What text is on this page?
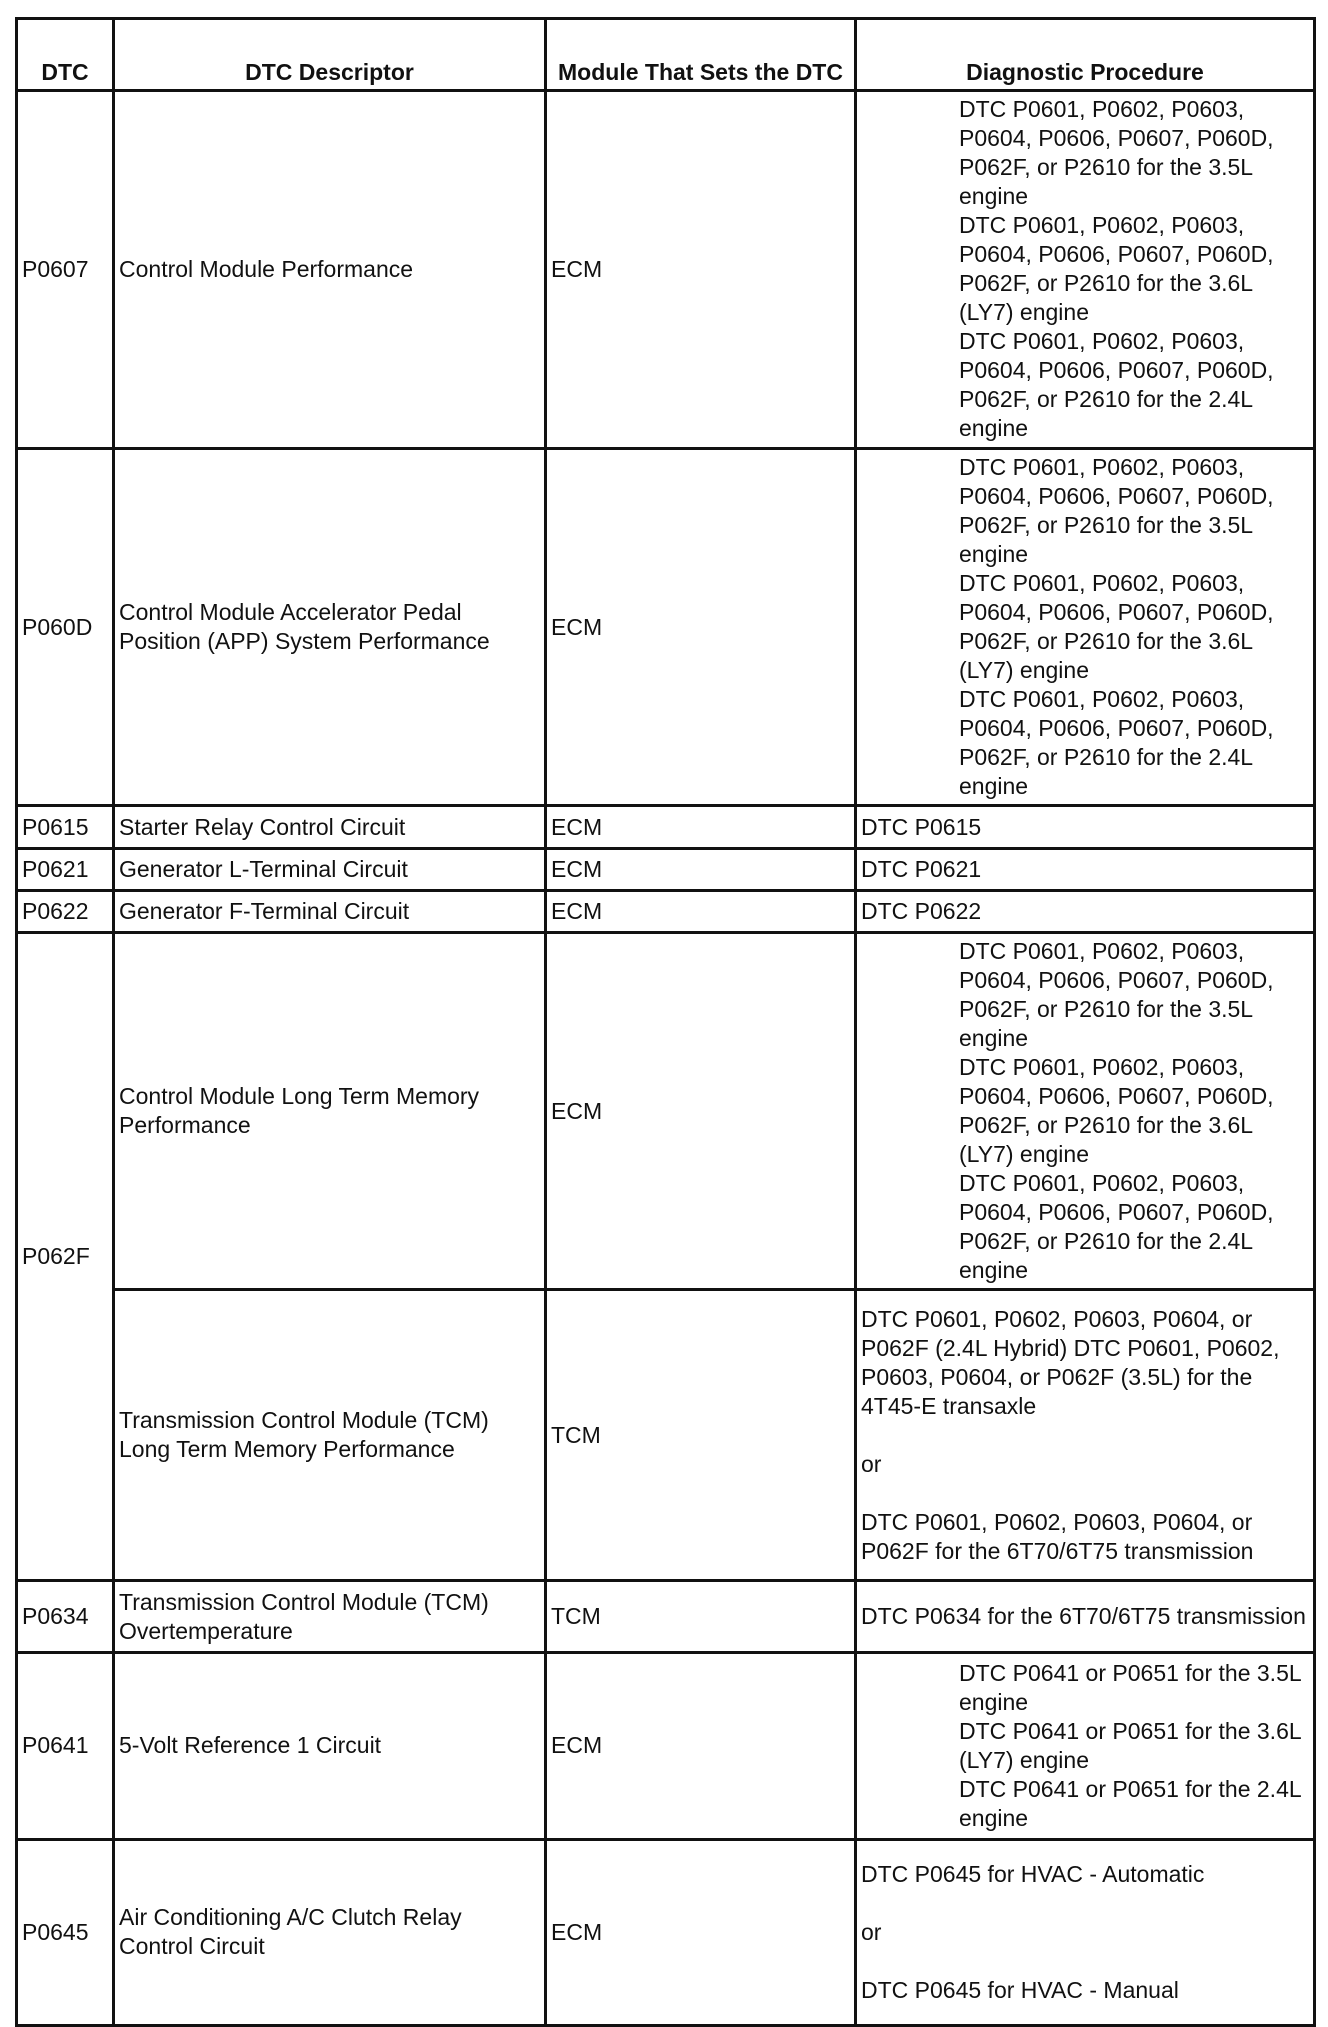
DTC	DTC Descriptor	Module That Sets the DTC	Diagnostic Procedure
P0607	Control Module Performance	ECM	DTC P0601, P0602, P0603, P0604, P0606, P0607, P060D, P062F, or P2610 for the 3.5L engine
DTC P0601, P0602, P0603, P0604, P0606, P0607, P060D, P062F, or P2610 for the 3.6L (LY7) engine
DTC P0601, P0602, P0603, P0604, P0606, P0607, P060D, P062F, or P2610 for the 2.4L engine

P060D	Control Module Accelerator Pedal Position (APP) System Performance	ECM	DTC P0601, P0602, P0603, P0604, P0606, P0607, P060D, P062F, or P2610 for the 3.5L engine
DTC P0601, P0602, P0603, P0604, P0606, P0607, P060D, P062F, or P2610 for the 3.6L (LY7) engine
DTC P0601, P0602, P0603, P0604, P0606, P0607, P060D, P062F, or P2610 for the 2.4L engine

P0615	Starter Relay Control Circuit	ECM	DTC P0615

P0621	Generator L-Terminal Circuit	ECM	DTC P0621

P0622	Generator F-Terminal Circuit	ECM	DTC P0622

P062F	Control Module Long Term Memory Performance	ECM	DTC P0601, P0602, P0603, P0604, P0606, P0607, P060D, P062F, or P2610 for the 3.5L engine
DTC P0601, P0602, P0603, P0604, P0606, P0607, P060D, P062F, or P2610 for the 3.6L (LY7) engine
DTC P0601, P0602, P0603, P0604, P0606, P0607, P060D, P062F, or P2610 for the 2.4L engine

	Transmission Control Module (TCM) Long Term Memory Performance	TCM	DTC P0601, P0602, P0603, P0604, or P062F (2.4L Hybrid) DTC P0601, P0602, P0603, P0604, or P062F (3.5L) for the 4T45-E transaxle
or
DTC P0601, P0602, P0603, P0604, or P062F for the 6T70/6T75 transmission

P0634	Transmission Control Module (TCM) Overtemperature	TCM	DTC P0634 for the 6T70/6T75 transmission

P0641	5-Volt Reference 1 Circuit	ECM	DTC P0641 or P0651 for the 3.5L engine
DTC P0641 or P0651 for the 3.6L (LY7) engine
DTC P0641 or P0651 for the 2.4L engine

P0645	Air Conditioning A/C Clutch Relay Control Circuit	ECM	DTC P0645 for HVAC - Automatic
or
DTC P0645 for HVAC - Manual
